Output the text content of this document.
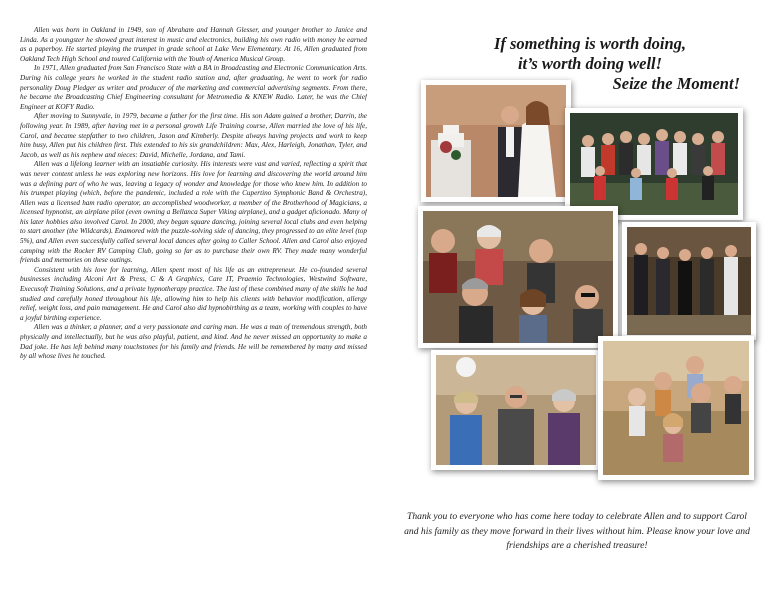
Allen was born in Oakland in 1949, son of Abraham and Hannah Glesser, and younger brother to Janice and Linda. As a youngster he showed great interest in music and electronics, building his own radio with money he earned as a paperboy. He started playing the trumpet in grade school at Lake View Elementary. At 16, Allen graduated from Oakland Tech High School and toured California with the Youth of America Musical Group.

In 1971, Allen graduated from San Francisco State with a BA in Broadcasting and Electronic Communication Arts. During his college years he worked in the student radio station and, after graduating, he went to work for radio personality Doug Pledger as writer and producer of the marketing and commercial advertising segments. From there, he became the Broadcasting Chief Engineering consultant for Metromedia & KNEW Radio. Later, he was the Chief Engineer at KOFY Radio.

After moving to Sunnyvale, in 1979, became a father for the first time. His son Adam gained a brother, Darrin, the following year. In 1989, after having met in a personal growth Life Training course, Allen married the love of his life, Carol, and became stepfather to two children, Jason and Kimberly. Despite always having projects and work to keep him busy, Allen put his children first. This extended to his six grandchildren: Max, Alex, Harleigh, Jonathan, Tyler, and Jacob, as well as his nephew and nieces: David, Michelle, Jordana, and Tami.

Allen was a lifelong learner with an insatiable curiosity. His interests were vast and varied, reflecting a spirit that was never content unless he was exploring new horizons. His love for learning and discovering the world around him was a defining part of who he was, leaving a legacy of wonder and knowledge for those who knew him. In addition to his trumpet playing (which, before the pandemic, included a role with the Cupertino Symphonic Band & Orchestra), Allen was a licensed ham radio operator, an accomplished woodworker, a member of the Brotherhood of Magicians, a licensed hypnotist, an airplane pilot (even owning a Bellanca Super Viking airplane), and a gadget aficionado. Many of his later hobbies also involved Carol. In 2000, they began square dancing, joining several local clubs and even helping to start another (the Wildcards). Enamored with the puzzle-solving side of dancing, they progressed to an elite level (top 5%), and Allen even successfully called several local dances after going to Caller School. Allen and Carol also enjoyed camping with the Rocker RV Camping Club, going so far as to purchase their own RV. They made many wonderful friends and memories on these outings.

Consistent with his love for learning, Allen spent most of his life as an entrepreneur. He co-founded several businesses including Alconi Art & Press, C & A Graphics, Care IT, Praemio Technologies, Westwind Software, Execusoft Training Solutions, and a private hypnotherapy practice. The last of these combined many of the skills he had studied and carefully honed throughout his life, allowing him to help his clients with behavior modification, allergy relief, weight loss, and pain management. He and Carol also did hypnobirthing as a team, working with couples to have a joyful birthing experience.

Allen was a thinker, a planner, and a very passionate and caring man. He was a man of tremendous strength, both physically and intellectually, but he was also playful, patient, and kind. And he never missed an opportunity to make a Dad joke. He has left behind many touchstones for his family and friends. He will be remembered by many and missed by all whose lives he touched.

If something is worth doing,
it’s worth doing well!
Seize the Moment!
Thank you to everyone who has come here today to celebrate Allen and to support Carol and his family as they move forward in their lives without him. Please know your love and friendships are a cherished treasure!
